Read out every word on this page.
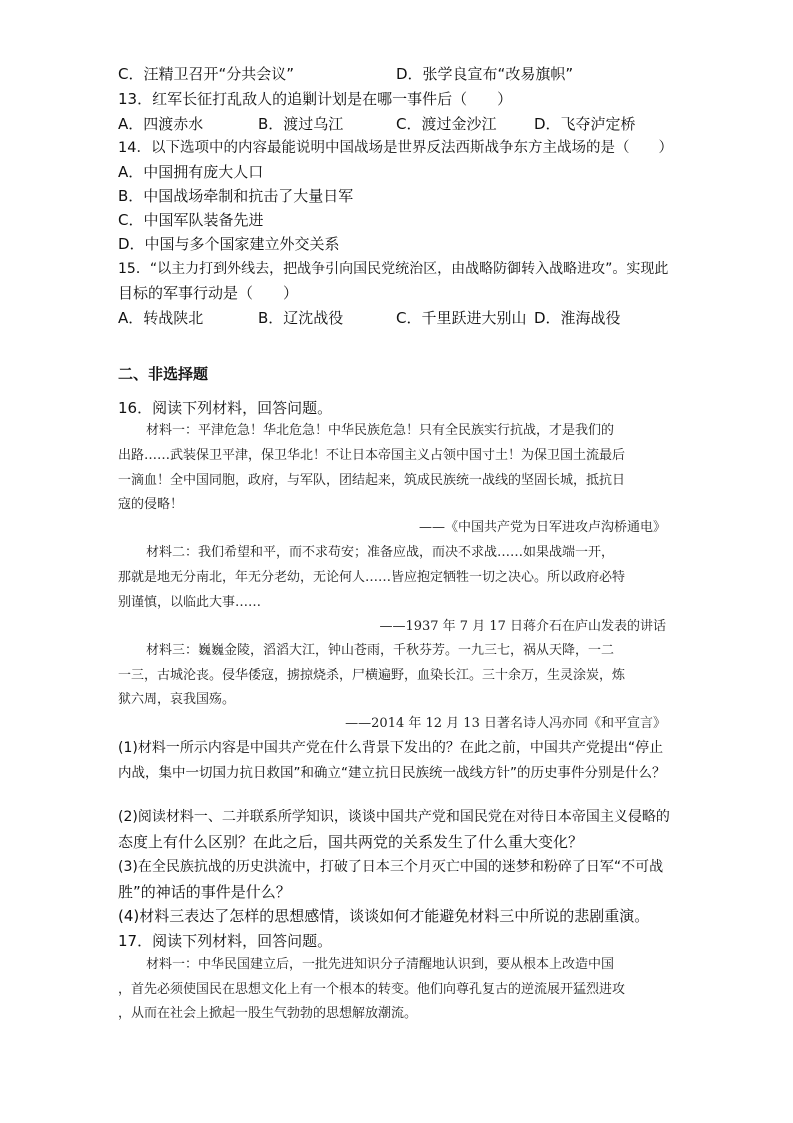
C．汪精卫召开“分共会议”	D．张学良宣布“改易旗帜”
13．红军长征打乱敌人的追剿计划是在哪一事件后（　　）
A．四渡赤水	B．渡过乌江	C．渡过金沙江	D．飞夺泸定桥
14．以下选项中的内容最能说明中国战场是世界反法西斯战争东方主战场的是（　　）
A．中国拥有庞大人口
B．中国战场牵制和抗击了大量日军
C．中国军队装备先进
D．中国与多个国家建立外交关系
15．“以主力打到外线去，把战争引向国民党统治区，由战略防御转入战略进攻”。实现此
目标的军事行动是（　　）
A．转战陕北	B．辽沈战役	C．千里跃进大别山 D．淮海战役
二、非选择题
16．阅读下列材料，回答问题。
材料一：平津危急！华北危急！中华民族危急！只有全民族实行抗战，才是我们的
出路……武装保卫平津，保卫华北！不让日本帝国主义占领中国寸土！为保卫国土流最后
一滴血！全中国同胞，政府，与军队，团结起来，筑成民族统一战线的坚固长城，抵抗日
寇的侵略！
——《中国共产党为日军进攻卢沟桥通电》
材料二：我们希望和平，而不求苟安；准备应战，而决不求战……如果战端一开，
那就是地无分南北，年无分老幼，无论何人……皆应抱定牺牲一切之决心。所以政府必特
别谨慎，以临此大事……
——1937 年 7 月 17 日蒋介石在庐山发表的讲话
材料三：巍巍金陵，滔滔大江，钟山苍雨，千秋芬芳。一九三七，祸从天降，一二
一三，古城沦丧。侵华倭寇，掳掠烧杀，尸横遍野，血染长江。三十余万，生灵涂炭，炼
狱六周，哀我国殇。
——2014 年 12 月 13 日著名诗人冯亦同《和平宣言》
(1)材料一所示内容是中国共产党在什么背景下发出的？在此之前，中国共产党提出“停止
内战，集中一切国力抗日救国”和确立“建立抗日民族统一战线方针”的历史事件分别是什么？
(2)阅读材料一、二并联系所学知识，谈谈中国共产党和国民党在对待日本帝国主义侵略的
态度上有什么区别？在此之后，国共两党的关系发生了什么重大变化？
(3)在全民族抗战的历史洪流中，打破了日本三个月灭亡中国的迷梦和粉碎了日军“不可战
胜”的神话的事件是什么？
(4)材料三表达了怎样的思想感情，谈谈如何才能避免材料三中所说的悲剧重演。
17．阅读下列材料，回答问题。
材料一：中华民国建立后，一批先进知识分子清醒地认识到，要从根本上改造中国
，首先必须使国民在思想文化上有一个根本的转变。他们向尊孔复古的逆流展开猛烈进攻
，从而在社会上掀起一股生气勃勃的思想解放潮流。
